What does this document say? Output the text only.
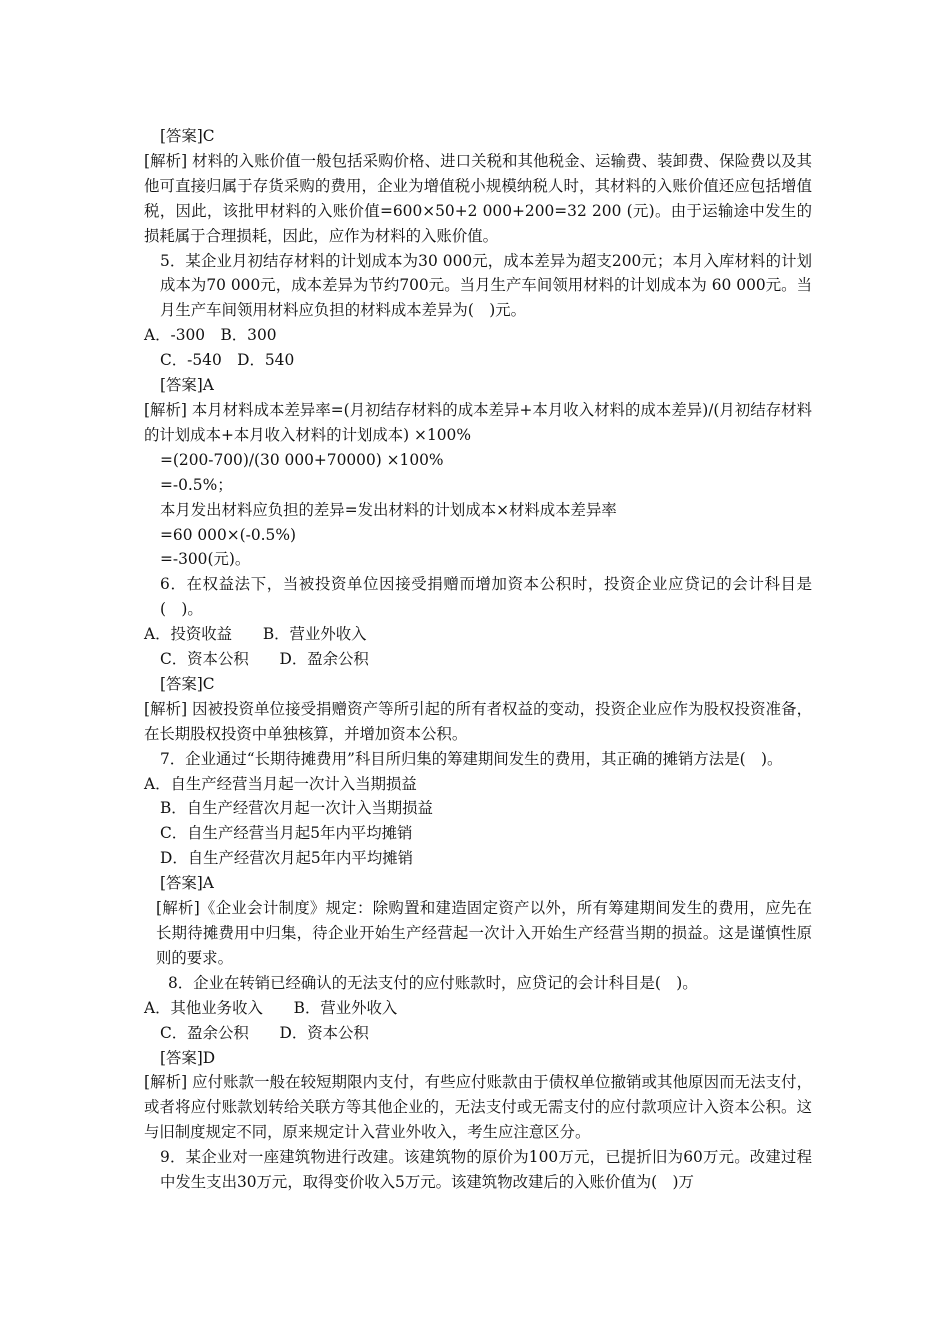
[答案]C
[解析] 材料的入账价值一般包括采购价格、进口关税和其他税金、运输费、装卸费、保险费以及其他可直接归属于存货采购的费用，企业为增值税小规模纳税人时，其材料的入账价值还应包括增值税，因此，该批甲材料的入账价值=600×50+2 000+200=32 200 (元)。由于运输途中发生的损耗属于合理损耗，因此，应作为材料的入账价值。
5．某企业月初结存材料的计划成本为30 000元，成本差异为超支200元；本月入库材料的计划成本为70 000元，成本差异为节约700元。当月生产车间领用材料的计划成本为 60 000元。当月生产车间领用材料应负担的材料成本差异为(　)元。
A．-300　B．300
C．-540　D．540
[答案]A
[解析] 本月材料成本差异率=(月初结存材料的成本差异+本月收入材料的成本差异)/(月初结存材料的计划成本+本月收入材料的计划成本) ×100%
=(200-700)/(30 000+70000) ×100%
=-0.5%；
本月发出材料应负担的差异=发出材料的计划成本×材料成本差异率
=60 000×(-0.5%)
=-300(元)。
6．在权益法下，当被投资单位因接受捐赠而增加资本公积时，投资企业应贷记的会计科目是(　)。
A．投资收益　　B．营业外收入
C．资本公积　　D．盈余公积
[答案]C
[解析] 因被投资单位接受捐赠资产等所引起的所有者权益的变动，投资企业应作为股权投资准备，在长期股权投资中单独核算，并增加资本公积。
7．企业通过“长期待摊费用”科目所归集的筹建期间发生的费用，其正确的摊销方法是(　)。
A．自生产经营当月起一次计入当期损益
B．自生产经营次月起一次计入当期损益
C．自生产经营当月起5年内平均摊销
D．自生产经营次月起5年内平均摊销
[答案]A
[解析]《企业会计制度》规定：除购置和建造固定资产以外，所有筹建期间发生的费用，应先在长期待摊费用中归集，待企业开始生产经营起一次计入开始生产经营当期的损益。这是谨慎性原则的要求。
8．企业在转销已经确认的无法支付的应付账款时，应贷记的会计科目是(　)。
A．其他业务收入　　B．营业外收入
C．盈余公积　　D．资本公积
[答案]D
[解析] 应付账款一般在较短期限内支付，有些应付账款由于债权单位撤销或其他原因而无法支付，或者将应付账款划转给关联方等其他企业的，无法支付或无需支付的应付款项应计入资本公积。这与旧制度规定不同，原来规定计入营业外收入，考生应注意区分。
9．某企业对一座建筑物进行改建。该建筑物的原价为100万元，已提折旧为60万元。改建过程中发生支出30万元，取得变价收入5万元。该建筑物改建后的入账价值为(　)万
